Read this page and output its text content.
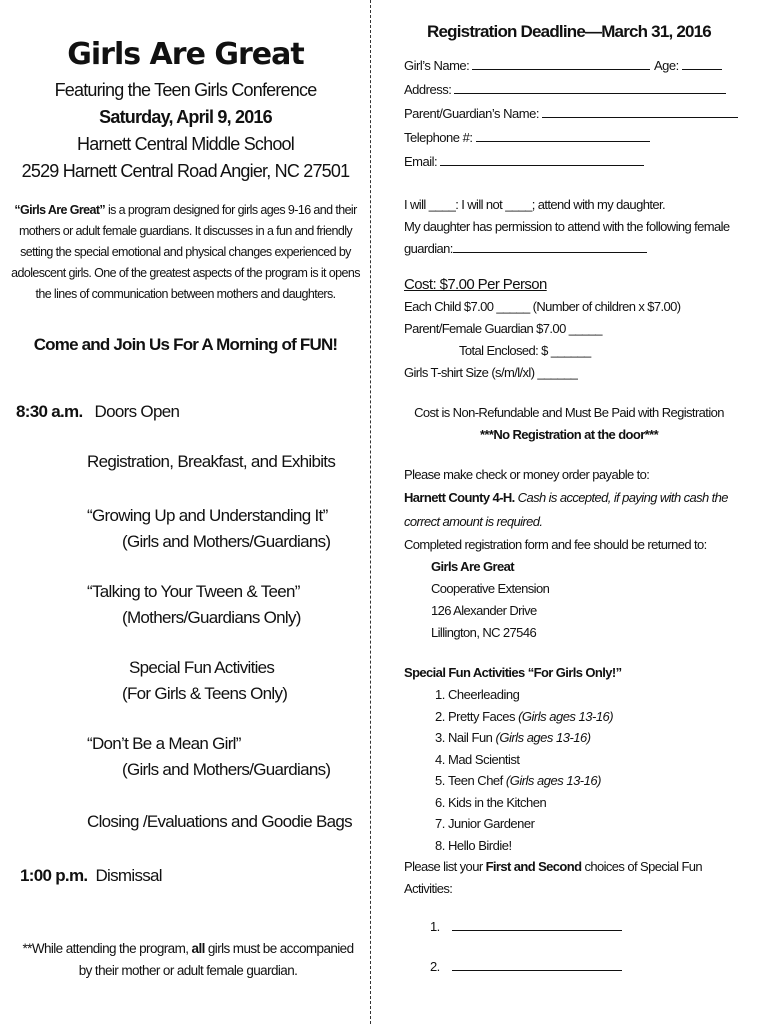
Girls Are Great
Featuring the Teen Girls Conference
Saturday, April 9, 2016
Harnett Central Middle School
2529 Harnett Central Road Angier, NC 27501
“Girls Are Great” is a program designed for girls ages 9-16 and their mothers or adult female guardians. It discusses in a fun and friendly setting the special emotional and physical changes experienced by adolescent girls. One of the greatest aspects of the program is it opens the lines of communication between mothers and daughters.
Come and Join Us For A Morning of FUN!
8:30 a.m. Doors Open
Registration, Breakfast, and Exhibits
“Growing Up and Understanding It”
(Girls and Mothers/Guardians)
“Talking to Your Tween & Teen”
(Mothers/Guardians Only)
Special Fun Activities
(For Girls & Teens Only)
“Don’t Be a Mean Girl”
(Girls and Mothers/Guardians)
Closing /Evaluations and Goodie Bags
1:00 p.m. Dismissal
**While attending the program, all girls must be accompanied by their mother or adult female guardian.
Registration Deadline—March 31, 2016
Girl’s Name:	Age:
Address:
Parent/Guardian’s Name:
Telephone #:
Email:
I will ____: I will not ____; attend with my daughter.
My daughter has permission to attend with the following female
guardian:
Cost: $7.00 Per Person
Each Child $7.00 _____ (Number of children x $7.00)
Parent/Female Guardian $7.00 _____
Total Enclosed: $ ______
Girls T-shirt Size (s/m/l/xl) ______
Cost is Non-Refundable and Must Be Paid with Registration
***No Registration at the door***
Please make check or money order payable to:
Harnett County 4-H. Cash is accepted, if paying with cash the correct amount is required.
Completed registration form and fee should be returned to:
Girls Are Great
Cooperative Extension
126 Alexander Drive
Lillington, NC 27546
Special Fun Activities “For Girls Only!”
1. Cheerleading
2. Pretty Faces (Girls ages 13-16)
3. Nail Fun (Girls ages 13-16)
4. Mad Scientist
5. Teen Chef (Girls ages 13-16)
6. Kids in the Kitchen
7. Junior Gardener
8. Hello Birdie!
Please list your First and Second choices of Special Fun Activities:
1.
2.
